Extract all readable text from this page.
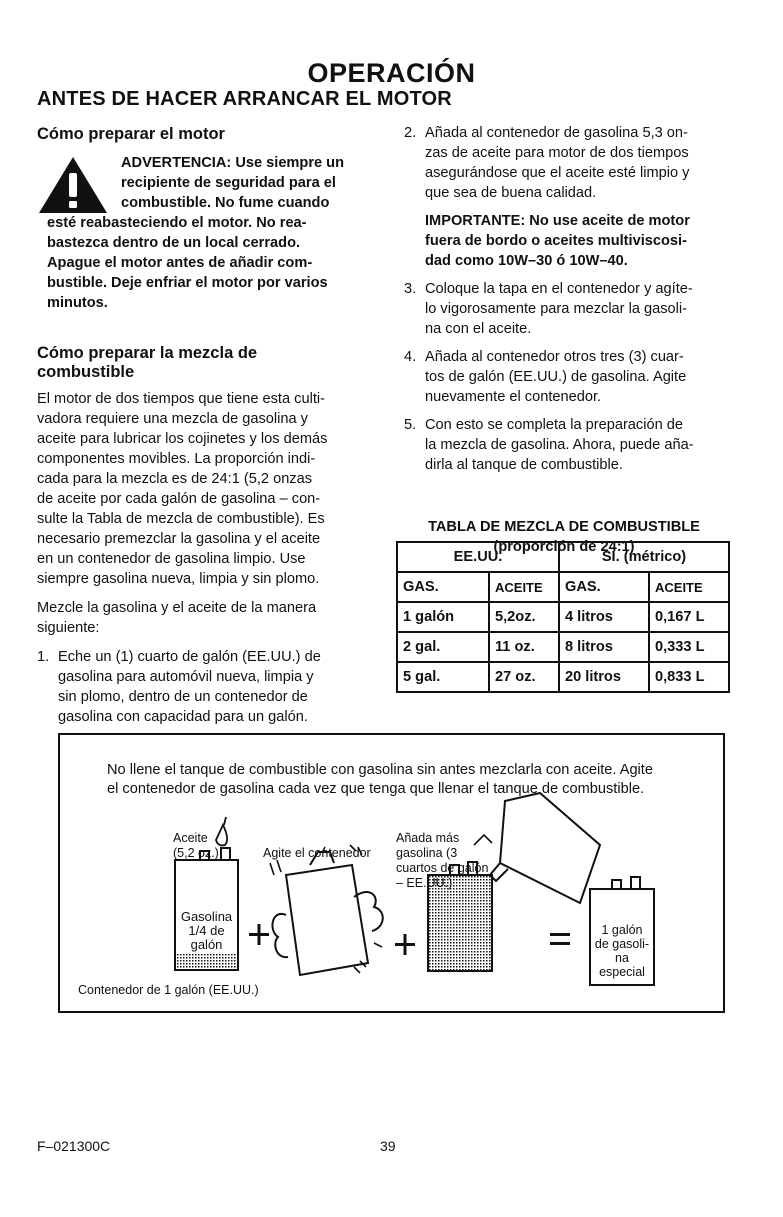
OPERACIÓN
ANTES DE HACER ARRANCAR EL MOTOR
Cómo preparar el motor
ADVERTENCIA: Use siempre un
recipiente de seguridad para el
combustible. No fume cuando
esté reabasteciendo el motor. No rea-
bastezca dentro de un local cerrado.
Apague el motor antes de añadir com-
bustible. Deje enfriar el motor por varios
minutos.
Cómo preparar la mezcla de
combustible
El motor de dos tiempos que tiene esta culti-
vadora requiere una mezcla de gasolina y
aceite para lubricar los cojinetes y los demás
componentes movibles. La proporción indi-
cada para la mezcla es de 24:1 (5,2 onzas
de aceite por cada galón de gasolina – con-
sulte la Tabla de mezcla de combustible). Es
necesario premezclar la gasolina y el aceite
en un contenedor de gasolina limpio. Use
siempre gasolina nueva, limpia y sin plomo.
Mezcle la gasolina y el aceite de la manera
siguiente:
1. Eche un (1) cuarto de galón (EE.UU.) de
gasolina para automóvil nueva, limpia y
sin plomo, dentro de un contenedor de
gasolina con capacidad para un galón.
2. Añada al contenedor de gasolina 5,3 on-
zas de aceite para motor de dos tiempos
asegurándose que el aceite esté limpio y
que sea de buena calidad.
IMPORTANTE: No use aceite de motor
fuera de bordo o aceites multiviscosi-
dad como 10W–30 ó 10W–40.
3. Coloque la tapa en el contenedor y agíte-
lo vigorosamente para mezclar la gasoli-
na con el aceite.
4. Añada al contenedor otros tres (3) cuar-
tos de galón (EE.UU.) de gasolina. Agite
nuevamente el contenedor.
5. Con esto se completa la preparación de
la mezcla de gasolina. Ahora, puede aña-
dirla al tanque de combustible.
TABLA DE MEZCLA DE COMBUSTIBLE
(proporción de 24:1)
EE.UU.		SI. (métrico)	
GAS.	ACEITE	GAS.	ACEITE
1 galón	5,2oz.	4 litros	0,167 L
2 gal.	11 oz.	8 litros	0,333 L
5 gal.	27 oz.	20 litros	0,833 L
No llene el tanque de combustible con gasolina sin antes mezclarla con aceite. Agite
el contenedor de gasolina cada vez que tenga que llenar el tanque de combustible.
Aceite
(5,2 oz.)	Agite el contenedor
Añada más
gasolina (3
cuartos de galón
– EE.UU.)
Gasolina
1/4 de
galón
1 galón
de gasoli-
na
especial
Contenedor de 1 galón (EE.UU.)
F–021300C	39
